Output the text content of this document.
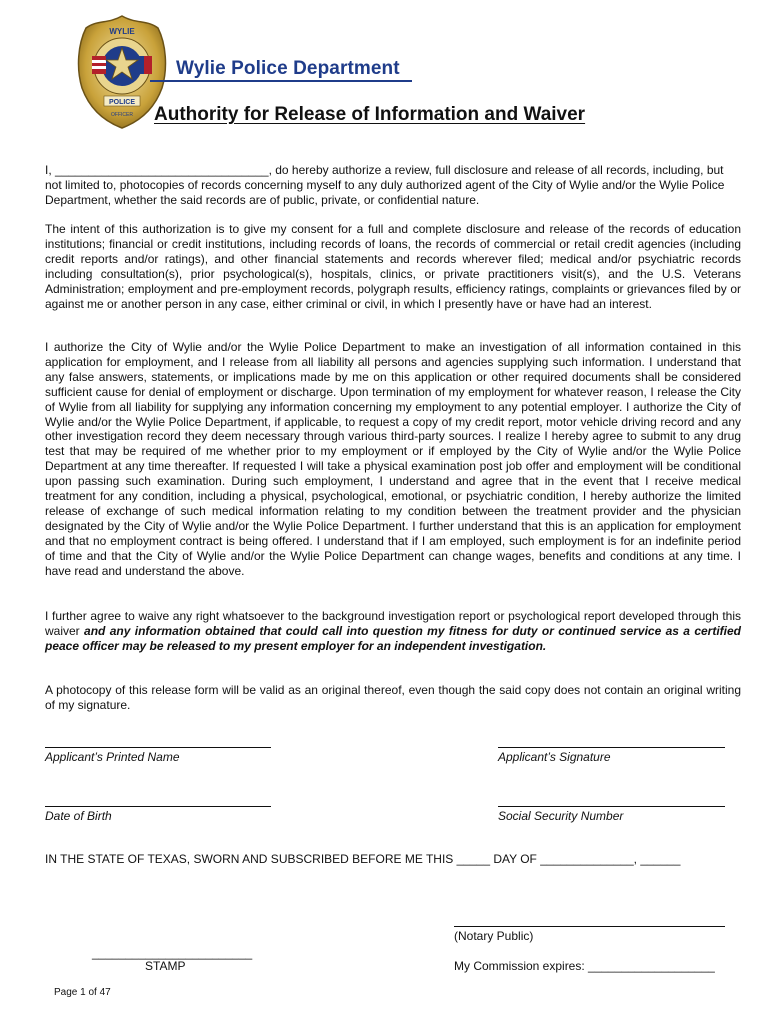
WYLIE
POLICE
OFFICER
Wylie Police Department
Authority for Release of Information and Waiver
I, ________________________________, do hereby authorize a review, full disclosure and release of all records, including, but not limited to, photocopies of records concerning myself to any duly authorized agent of the City of Wylie and/or the Wylie Police Department, whether the said records are of public, private, or confidential nature.
The intent of this authorization is to give my consent for a full and complete disclosure and release of the records of education institutions; financial or credit institutions, including records of loans, the records of commercial or retail credit agencies (including credit reports and/or ratings), and other financial statements and records wherever filed; medical and/or psychiatric records including consultation(s), prior psychological(s), hospitals, clinics, or private practitioners visit(s), and the U.S. Veterans Administration; employment and pre-employment records, polygraph results, efficiency ratings, complaints or grievances filed by or against me or another person in any case, either criminal or civil, in which I presently have or have had an interest.
I authorize the City of Wylie and/or the Wylie Police Department to make an investigation of all information contained in this application for employment, and I release from all liability all persons and agencies supplying such information. I understand that any false answers, statements, or implications made by me on this application or other required documents shall be considered sufficient cause for denial of employment or discharge. Upon termination of my employment for whatever reason, I release the City of Wylie from all liability for supplying any information concerning my employment to any potential employer. I authorize the City of Wylie and/or the Wylie Police Department, if applicable, to request a copy of my credit report, motor vehicle driving record and any other investigation record they deem necessary through various third-party sources. I realize I hereby agree to submit to any drug test that may be required of me whether prior to my employment or if employed by the City of Wylie and/or the Wylie Police Department at any time thereafter. If requested I will take a physical examination post job offer and employment will be conditional upon passing such examination. During such employment, I understand and agree that in the event that I receive medical treatment for any condition, including a physical, psychological, emotional, or psychiatric condition, I hereby authorize the limited release of exchange of such medical information relating to my condition between the treatment provider and the physician designated by the City of Wylie and/or the Wylie Police Department. I further understand that this is an application for employment and that no employment contract is being offered. I understand that if I am employed, such employment is for an indefinite period of time and that the City of Wylie and/or the Wylie Police Department can change wages, benefits and conditions at any time. I have read and understand the above.
I further agree to waive any right whatsoever to the background investigation report or psychological report developed through this waiver and any information obtained that could call into question my fitness for duty or continued service as a certified peace officer may be released to my present employer for an independent investigation.
A photocopy of this release form will be valid as an original thereof, even though the said copy does not contain an original writing of my signature.
Applicant’s Printed Name	Applicant’s Signature
Date of Birth	Social Security Number
IN THE STATE OF TEXAS, SWORN AND SUBSCRIBED BEFORE ME THIS _____ DAY OF ______________, ______
(Notary Public)
________________________
STAMP	My Commission expires: ___________________
Page 1 of 47
